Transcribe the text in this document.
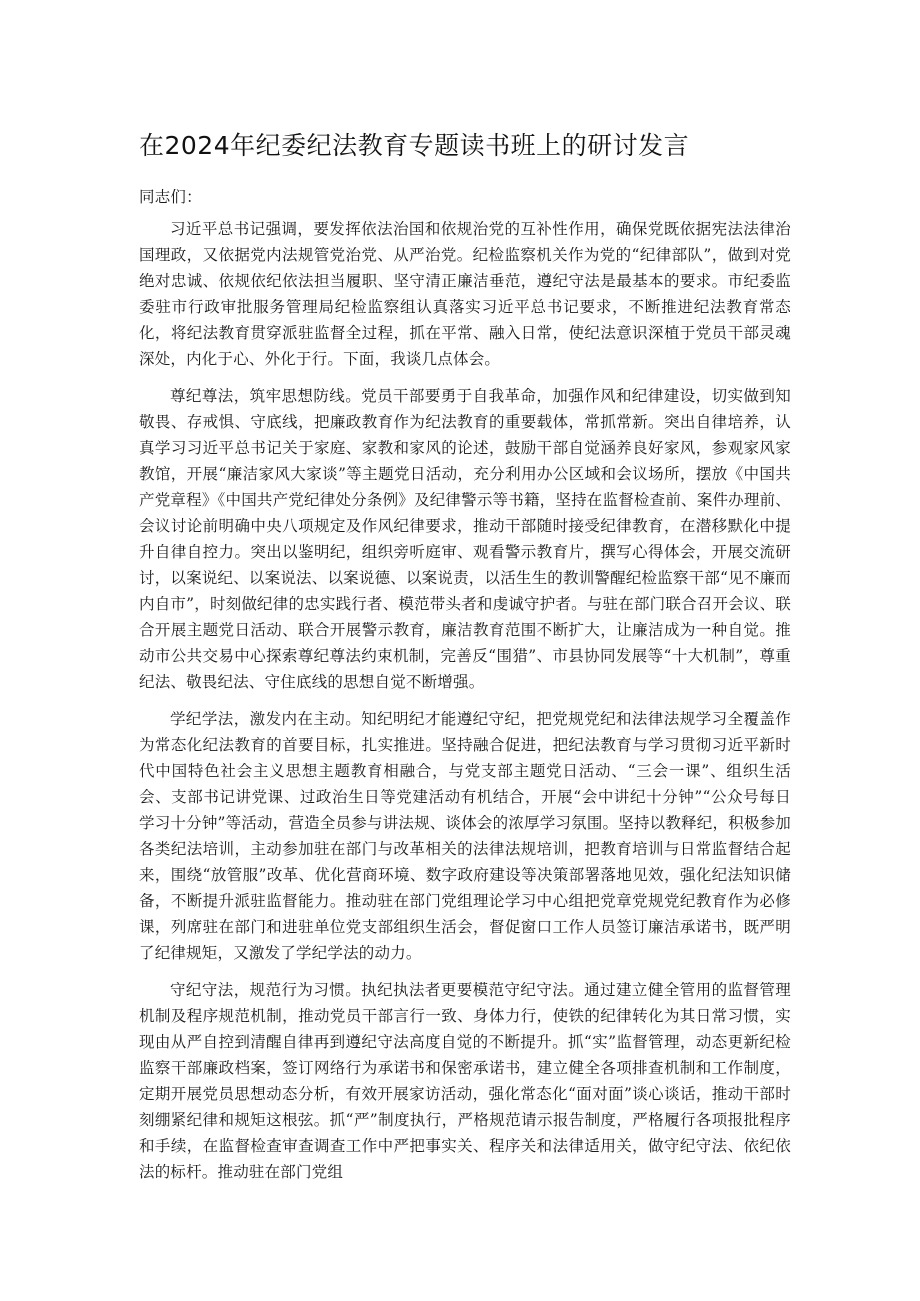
在2024年纪委纪法教育专题读书班上的研讨发言

同志们：

习近平总书记强调，要发挥依法治国和依规治党的互补性作用，确保党既依据宪法法律治国理政，又依据党内法规管党治党、从严治党。纪检监察机关作为党的“纪律部队”，做到对党绝对忠诚、依规依纪依法担当履职、坚守清正廉洁垂范，遵纪守法是最基本的要求。市纪委监委驻市行政审批服务管理局纪检监察组认真落实习近平总书记要求，不断推进纪法教育常态化，将纪法教育贯穿派驻监督全过程，抓在平常、融入日常，使纪法意识深植于党员干部灵魂深处，内化于心、外化于行。下面，我谈几点体会。

尊纪尊法，筑牢思想防线。党员干部要勇于自我革命，加强作风和纪律建设，切实做到知敬畏、存戒惧、守底线，把廉政教育作为纪法教育的重要载体，常抓常新。突出自律培养，认真学习习近平总书记关于家庭、家教和家风的论述，鼓励干部自觉涵养良好家风，参观家风家教馆，开展“廉洁家风大家谈”等主题党日活动，充分利用办公区域和会议场所，摆放《中国共产党章程》《中国共产党纪律处分条例》及纪律警示等书籍，坚持在监督检查前、案件办理前、会议讨论前明确中央八项规定及作风纪律要求，推动干部随时接受纪律教育，在潜移默化中提升自律自控力。突出以鉴明纪，组织旁听庭审、观看警示教育片，撰写心得体会，开展交流研讨，以案说纪、以案说法、以案说德、以案说责，以活生生的教训警醒纪检监察干部“见不廉而内自市”，时刻做纪律的忠实践行者、模范带头者和虔诚守护者。与驻在部门联合召开会议、联合开展主题党日活动、联合开展警示教育，廉洁教育范围不断扩大，让廉洁成为一种自觉。推动市公共交易中心探索尊纪尊法约束机制，完善反“围猎”、市县协同发展等“十大机制”，尊重纪法、敬畏纪法、守住底线的思想自觉不断增强。

学纪学法，激发内在主动。知纪明纪才能遵纪守纪，把党规党纪和法律法规学习全覆盖作为常态化纪法教育的首要目标，扎实推进。坚持融合促进，把纪法教育与学习贯彻习近平新时代中国特色社会主义思想主题教育相融合，与党支部主题党日活动、“三会一课”、组织生活会、支部书记讲党课、过政治生日等党建活动有机结合，开展“会中讲纪十分钟”“公众号每日学习十分钟”等活动，营造全员参与讲法规、谈体会的浓厚学习氛围。坚持以教释纪，积极参加各类纪法培训，主动参加驻在部门与改革相关的法律法规培训，把教育培训与日常监督结合起来，围绕“放管服”改革、优化营商环境、数字政府建设等决策部署落地见效，强化纪法知识储备，不断提升派驻监督能力。推动驻在部门党组理论学习中心组把党章党规党纪教育作为必修课，列席驻在部门和进驻单位党支部组织生活会，督促窗口工作人员签订廉洁承诺书，既严明了纪律规矩，又激发了学纪学法的动力。

守纪守法，规范行为习惯。执纪执法者更要模范守纪守法。通过建立健全管用的监督管理机制及程序规范机制，推动党员干部言行一致、身体力行，使铁的纪律转化为其日常习惯，实现由从严自控到清醒自律再到遵纪守法高度自觉的不断提升。抓“实”监督管理，动态更新纪检监察干部廉政档案，签订网络行为承诺书和保密承诺书，建立健全各项排查机制和工作制度，定期开展党员思想动态分析，有效开展家访活动，强化常态化“面对面”谈心谈话，推动干部时刻绷紧纪律和规矩这根弦。抓“严”制度执行，严格规范请示报告制度，严格履行各项报批程序和手续，在监督检查审查调查工作中严把事实关、程序关和法律适用关，做守纪守法、依纪依法的标杆。推动驻在部门党组
